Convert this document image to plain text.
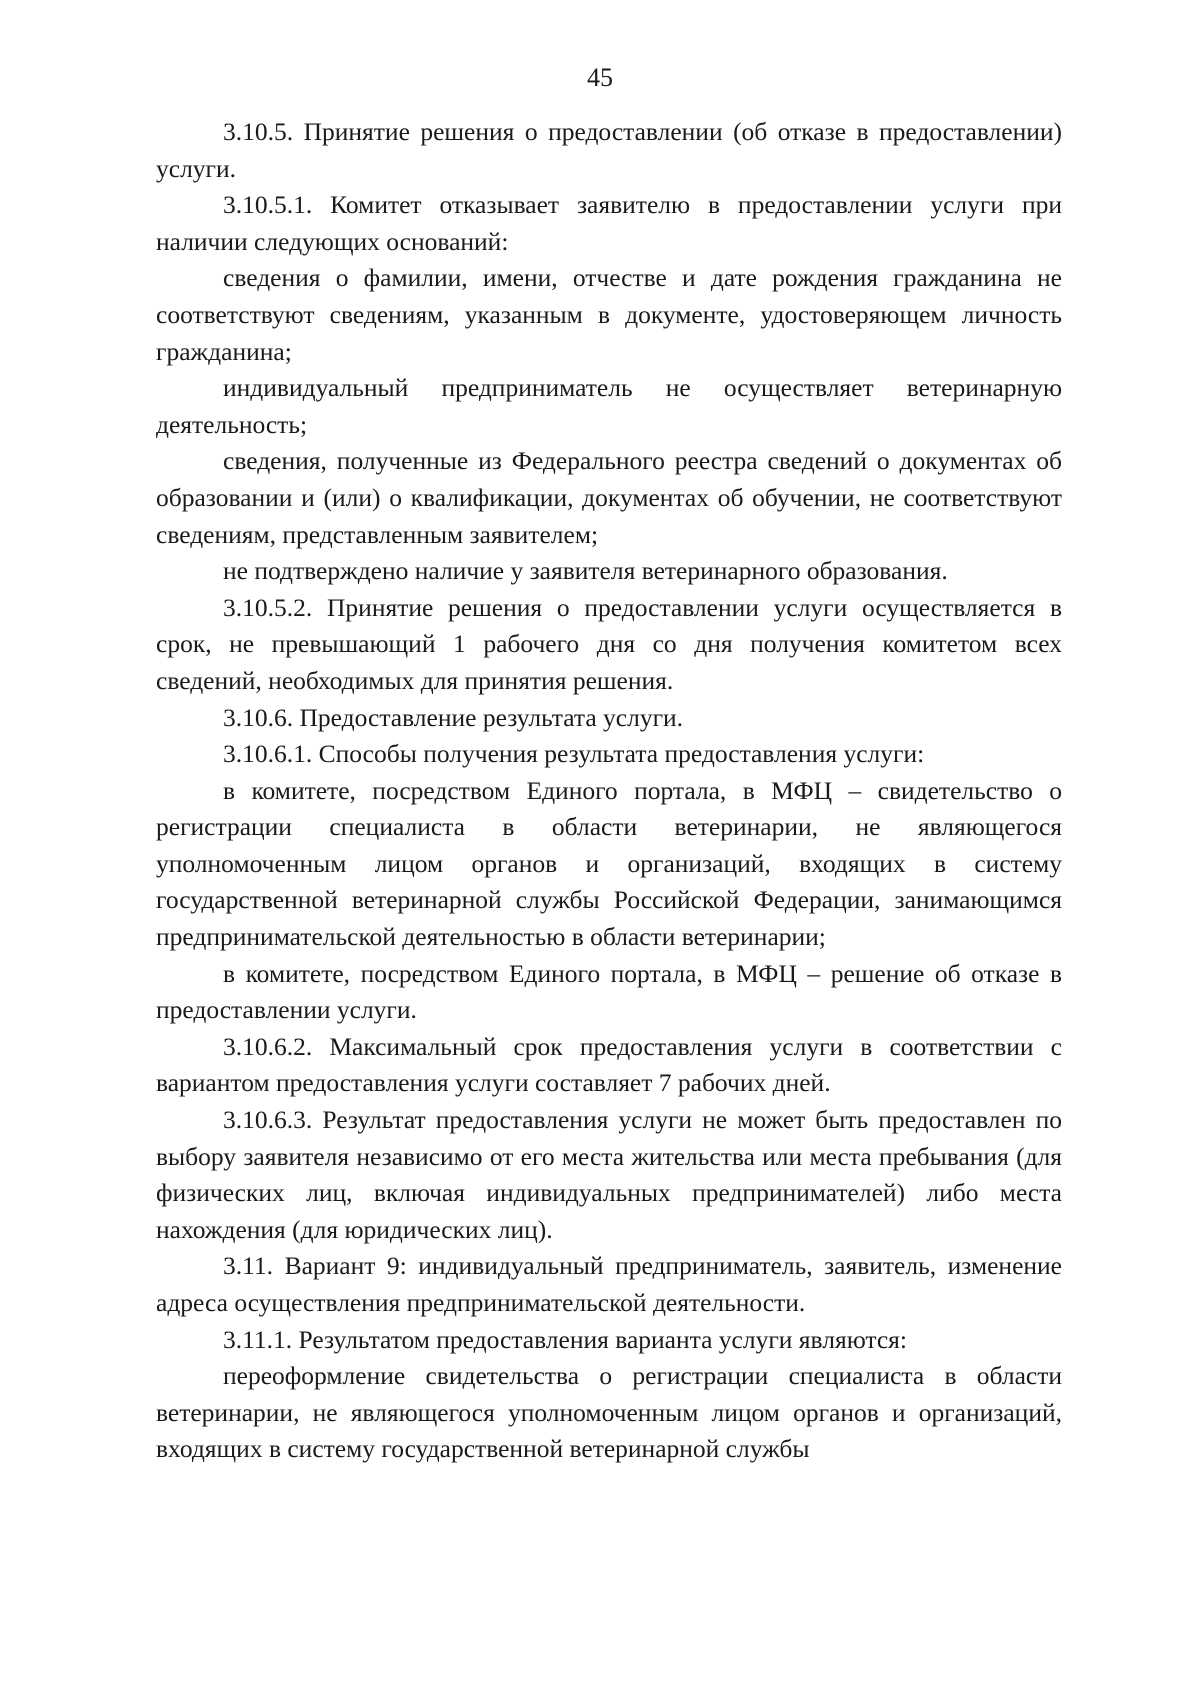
45

3.10.5. Принятие решения о предоставлении (об отказе в предоставлении) услуги.

3.10.5.1. Комитет отказывает заявителю в предоставлении услуги при наличии следующих оснований:

сведения о фамилии, имени, отчестве и дате рождения гражданина не соответствуют сведениям, указанным в документе, удостоверяющем личность гражданина;

индивидуальный предприниматель не осуществляет ветеринарную деятельность;

сведения, полученные из Федерального реестра сведений о документах об образовании и (или) о квалификации, документах об обучении, не соответствуют сведениям, представленным заявителем;

не подтверждено наличие у заявителя ветеринарного образования.

3.10.5.2. Принятие решения о предоставлении услуги осуществляется в срок, не превышающий 1 рабочего дня со дня получения комитетом всех сведений, необходимых для принятия решения.

3.10.6. Предоставление результата услуги.

3.10.6.1. Способы получения результата предоставления услуги:

в комитете, посредством Единого портала, в МФЦ – свидетельство о регистрации специалиста в области ветеринарии, не являющегося уполномоченным лицом органов и организаций, входящих в систему государственной ветеринарной службы Российской Федерации, занимающимся предпринимательской деятельностью в области ветеринарии;

в комитете, посредством Единого портала, в МФЦ – решение об отказе в предоставлении услуги.

3.10.6.2. Максимальный срок предоставления услуги в соответствии с вариантом предоставления услуги составляет 7 рабочих дней.

3.10.6.3. Результат предоставления услуги не может быть предоставлен по выбору заявителя независимо от его места жительства или места пребывания (для физических лиц, включая индивидуальных предпринимателей) либо места нахождения (для юридических лиц).

3.11. Вариант 9: индивидуальный предприниматель, заявитель, изменение адреса осуществления предпринимательской деятельности.

3.11.1. Результатом предоставления варианта услуги являются:

переоформление свидетельства о регистрации специалиста в области ветеринарии, не являющегося уполномоченным лицом органов и организаций, входящих в систему государственной ветеринарной службы
